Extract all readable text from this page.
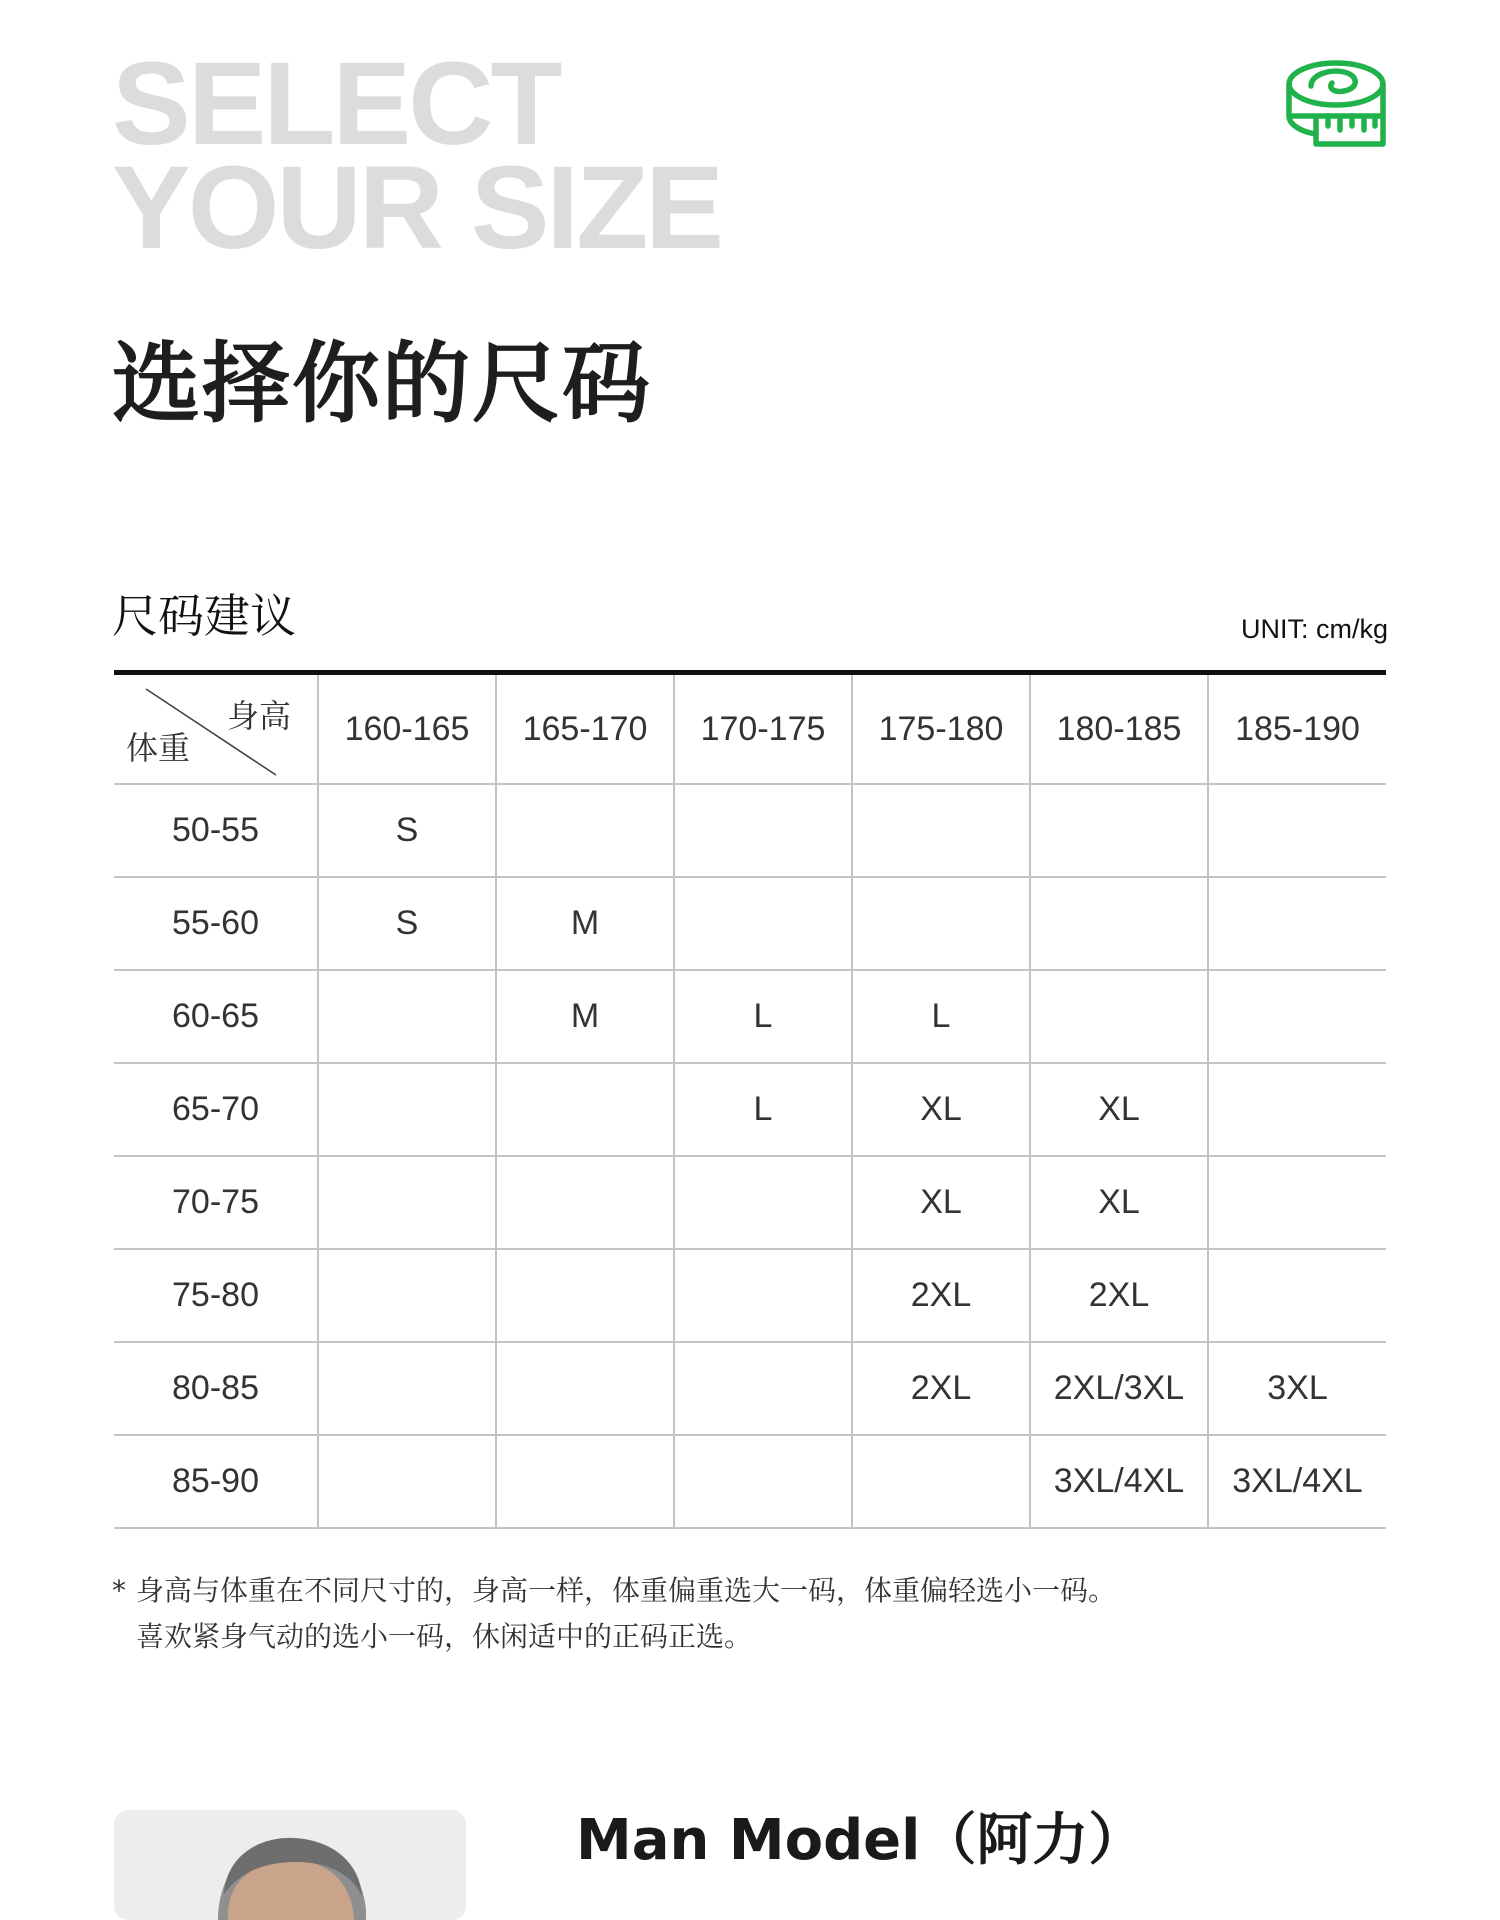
SELECT
YOUR SIZE
选择你的尺码
尺码建议	UNIT: cm/kg
身高
体重	160-165	165-170	170-175	175-180	180-185	185-190
50-55	S					
55-60	S	M				
60-65		M	L	L		
65-70			L	XL	XL	
70-75				XL	XL	
75-80				2XL	2XL	
80-85				2XL	2XL/3XL	3XL
85-90					3XL/4XL	3XL/4XL
* 身高与体重在不同尺寸的，身高一样，体重偏重选大一码，体重偏轻选小一码。
喜欢紧身气动的选小一码，休闲适中的正码正选。
Man Model（阿力）
